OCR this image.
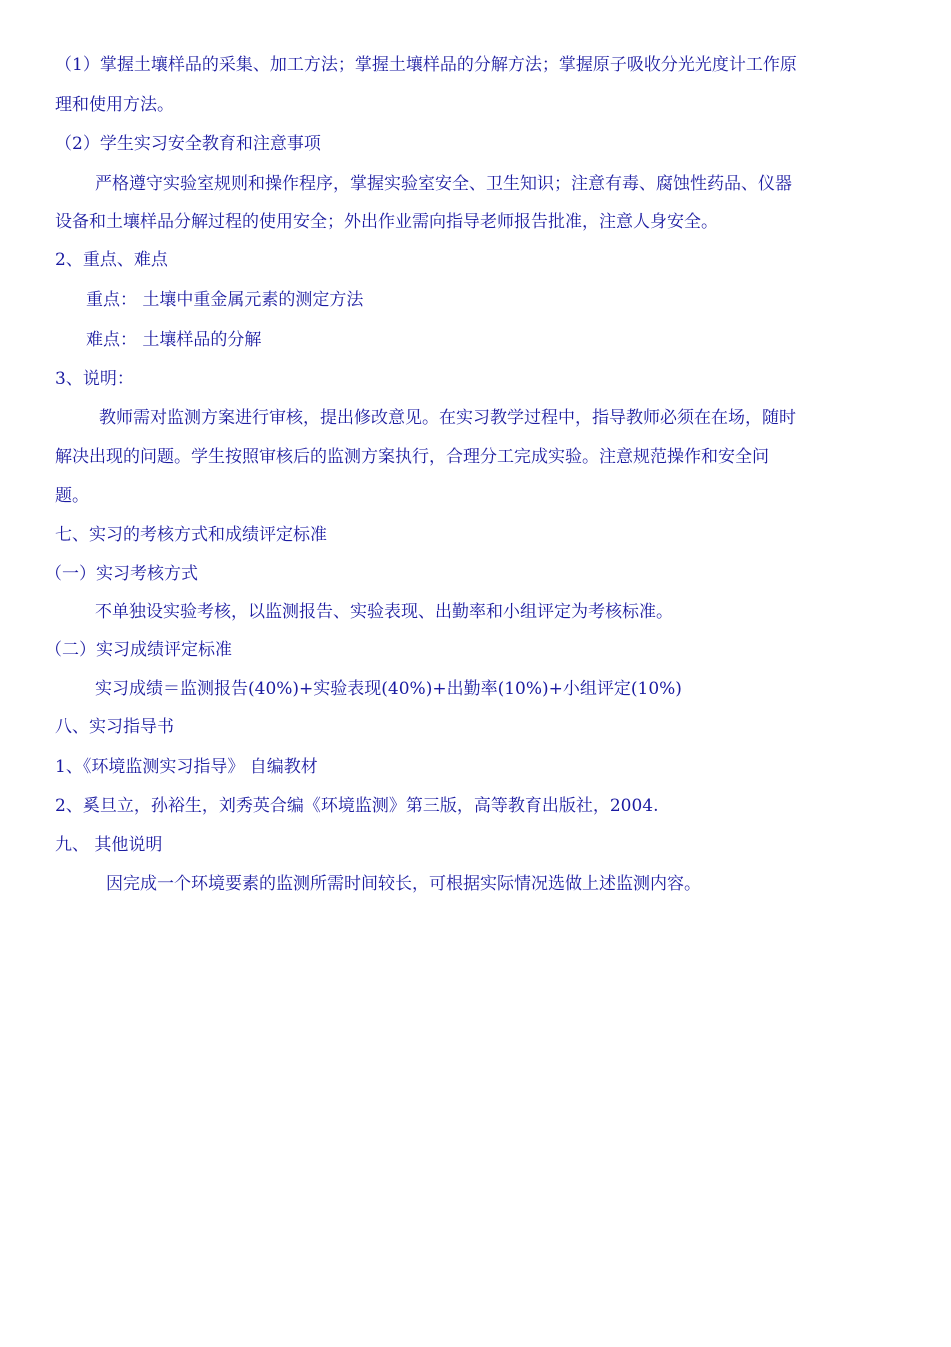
（1）掌握土壤样品的采集、加工方法；掌握土壤样品的分解方法；掌握原子吸收分光光度计工作原
理和使用方法。
（2）学生实习安全教育和注意事项
严格遵守实验室规则和操作程序，掌握实验室安全、卫生知识；注意有毒、腐蚀性药品、仪器
设备和土壤样品分解过程的使用安全；外出作业需向指导老师报告批准，注意人身安全。
2、重点、难点
重点： 土壤中重金属元素的测定方法
难点： 土壤样品的分解
3、说明：
教师需对监测方案进行审核，提出修改意见。在实习教学过程中，指导教师必须在在场，随时
解决出现的问题。学生按照审核后的监测方案执行，合理分工完成实验。注意规范操作和安全问
题。
七、实习的考核方式和成绩评定标准
（一）实习考核方式
不单独设实验考核，以监测报告、实验表现、出勤率和小组评定为考核标准。
（二）实习成绩评定标准
实习成绩＝监测报告(40%)+实验表现(40%)+出勤率(10%)+小组评定(10%)
八、实习指导书
1、《环境监测实习指导》 自编教材
2、奚旦立，孙裕生，刘秀英合编《环境监测》第三版，高等教育出版社，2004.
九、 其他说明
因完成一个环境要素的监测所需时间较长，可根据实际情况选做上述监测内容。
